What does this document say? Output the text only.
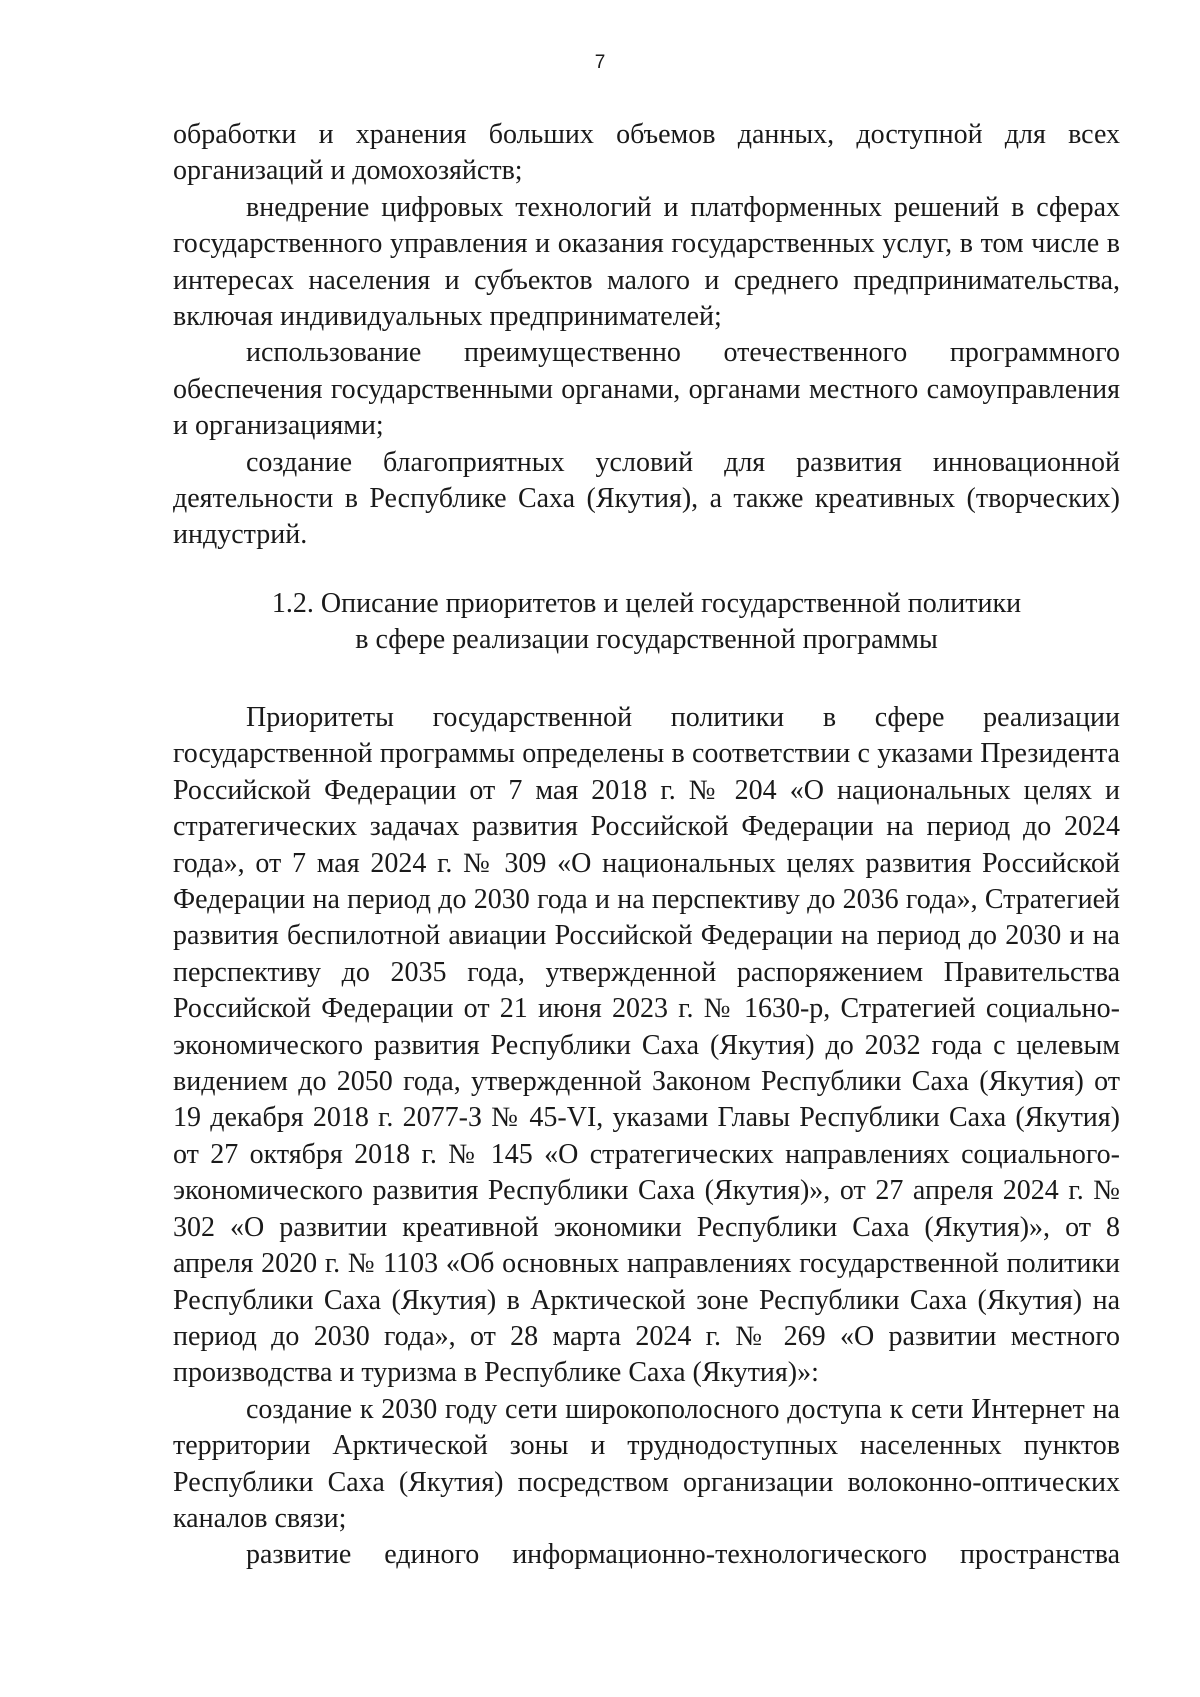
7

обработки и хранения больших объемов данных, доступной для всех организаций и домохозяйств;

внедрение цифровых технологий и платформенных решений в сферах государственного управления и оказания государственных услуг, в том числе в интересах населения и субъектов малого и среднего предпринимательства, включая индивидуальных предпринимателей;

использование преимущественно отечественного программного обеспечения государственными органами, органами местного самоуправления и организациями;

создание благоприятных условий для развития инновационной деятельности в Республике Саха (Якутия), а также креативных (творческих) индустрий.

1.2. Описание приоритетов и целей государственной политики
в сфере реализации государственной программы

Приоритеты государственной политики в сфере реализации государственной программы определены в соответствии с указами Президента Российской Федерации от 7 мая 2018 г. № 204 «О национальных целях и стратегических задачах развития Российской Федерации на период до 2024 года», от 7 мая 2024 г. № 309 «О национальных целях развития Российской Федерации на период до 2030 года и на перспективу до 2036 года», Стратегией развития беспилотной авиации Российской Федерации на период до 2030 и на перспективу до 2035 года, утвержденной распоряжением Правительства Российской Федерации от 21 июня 2023 г. № 1630-р, Стратегией социально-экономического развития Республики Саха (Якутия) до 2032 года с целевым видением до 2050 года, утвержденной Законом Республики Саха (Якутия) от 19 декабря 2018 г. 2077-З № 45-VI, указами Главы Республики Саха (Якутия) от 27 октября 2018 г. № 145 «О стратегических направлениях социального-экономического развития Республики Саха (Якутия)», от 27 апреля 2024 г. № 302 «О развитии креативной экономики Республики Саха (Якутия)», от 8 апреля 2020 г. № 1103 «Об основных направлениях государственной политики Республики Саха (Якутия) в Арктической зоне Республики Саха (Якутия) на период до 2030 года», от 28 марта 2024 г. № 269 «О развитии местного производства и туризма в Республике Саха (Якутия)»:

создание к 2030 году сети широкополосного доступа к сети Интернет на территории Арктической зоны и труднодоступных населенных пунктов Республики Саха (Якутия) посредством организации волоконно-оптических каналов связи;

развитие единого информационно-технологического пространства
